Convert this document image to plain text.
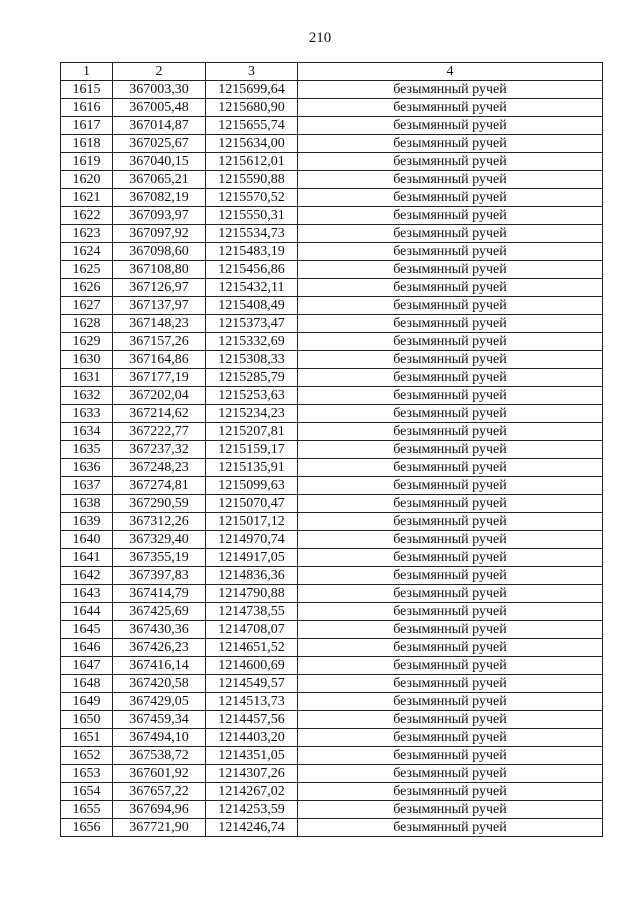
210
1	2	3	4
1615	367003,30	1215699,64	безымянный ручей
1616	367005,48	1215680,90	безымянный ручей
1617	367014,87	1215655,74	безымянный ручей
1618	367025,67	1215634,00	безымянный ручей
1619	367040,15	1215612,01	безымянный ручей
1620	367065,21	1215590,88	безымянный ручей
1621	367082,19	1215570,52	безымянный ручей
1622	367093,97	1215550,31	безымянный ручей
1623	367097,92	1215534,73	безымянный ручей
1624	367098,60	1215483,19	безымянный ручей
1625	367108,80	1215456,86	безымянный ручей
1626	367126,97	1215432,11	безымянный ручей
1627	367137,97	1215408,49	безымянный ручей
1628	367148,23	1215373,47	безымянный ручей
1629	367157,26	1215332,69	безымянный ручей
1630	367164,86	1215308,33	безымянный ручей
1631	367177,19	1215285,79	безымянный ручей
1632	367202,04	1215253,63	безымянный ручей
1633	367214,62	1215234,23	безымянный ручей
1634	367222,77	1215207,81	безымянный ручей
1635	367237,32	1215159,17	безымянный ручей
1636	367248,23	1215135,91	безымянный ручей
1637	367274,81	1215099,63	безымянный ручей
1638	367290,59	1215070,47	безымянный ручей
1639	367312,26	1215017,12	безымянный ручей
1640	367329,40	1214970,74	безымянный ручей
1641	367355,19	1214917,05	безымянный ручей
1642	367397,83	1214836,36	безымянный ручей
1643	367414,79	1214790,88	безымянный ручей
1644	367425,69	1214738,55	безымянный ручей
1645	367430,36	1214708,07	безымянный ручей
1646	367426,23	1214651,52	безымянный ручей
1647	367416,14	1214600,69	безымянный ручей
1648	367420,58	1214549,57	безымянный ручей
1649	367429,05	1214513,73	безымянный ручей
1650	367459,34	1214457,56	безымянный ручей
1651	367494,10	1214403,20	безымянный ручей
1652	367538,72	1214351,05	безымянный ручей
1653	367601,92	1214307,26	безымянный ручей
1654	367657,22	1214267,02	безымянный ручей
1655	367694,96	1214253,59	безымянный ручей
1656	367721,90	1214246,74	безымянный ручей
